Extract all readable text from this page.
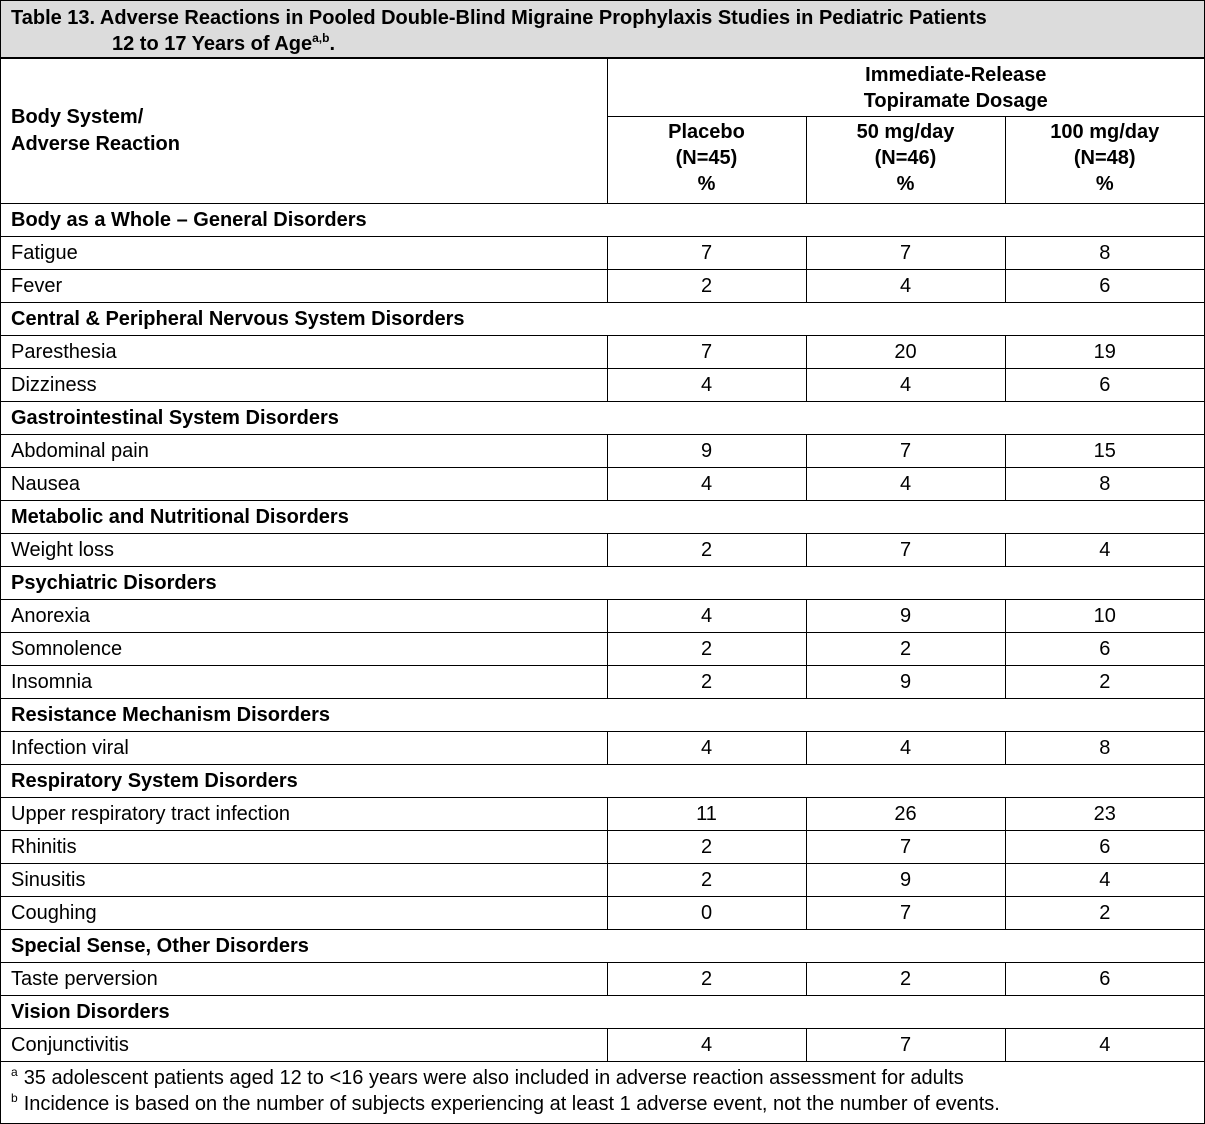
Table 13. Adverse Reactions in Pooled Double-Blind Migraine Prophylaxis Studies in Pediatric Patients
12 to 17 Years of Age$^{a,b}$.
Body System/
Adverse Reaction	Immediate-Release
Topiramate Dosage		
	Placebo
(N=45)
%	50 mg/day
(N=46)
%	100 mg/day
(N=48)
%
Body as a Whole – General Disorders			
Fatigue	7	7	8
Fever	2	4	6
Central & Peripheral Nervous System Disorders			
Paresthesia	7	20	19
Dizziness	4	4	6
Gastrointestinal System Disorders			
Abdominal pain	9	7	15
Nausea	4	4	8
Metabolic and Nutritional Disorders			
Weight loss	2	7	4
Psychiatric Disorders			
Anorexia	4	9	10
Somnolence	2	2	6
Insomnia	2	9	2
Resistance Mechanism Disorders			
Infection viral	4	4	8
Respiratory System Disorders			
Upper respiratory tract infection	11	26	23
Rhinitis	2	7	6
Sinusitis	2	9	4
Coughing	0	7	2
Special Sense, Other Disorders			
Taste perversion	2	2	6
Vision Disorders			
Conjunctivitis	4	7	4
$^a$ 35 adolescent patients aged 12 to <16 years were also included in adverse reaction assessment for adults
$^b$ Incidence is based on the number of subjects experiencing at least 1 adverse event, not the number of events.
